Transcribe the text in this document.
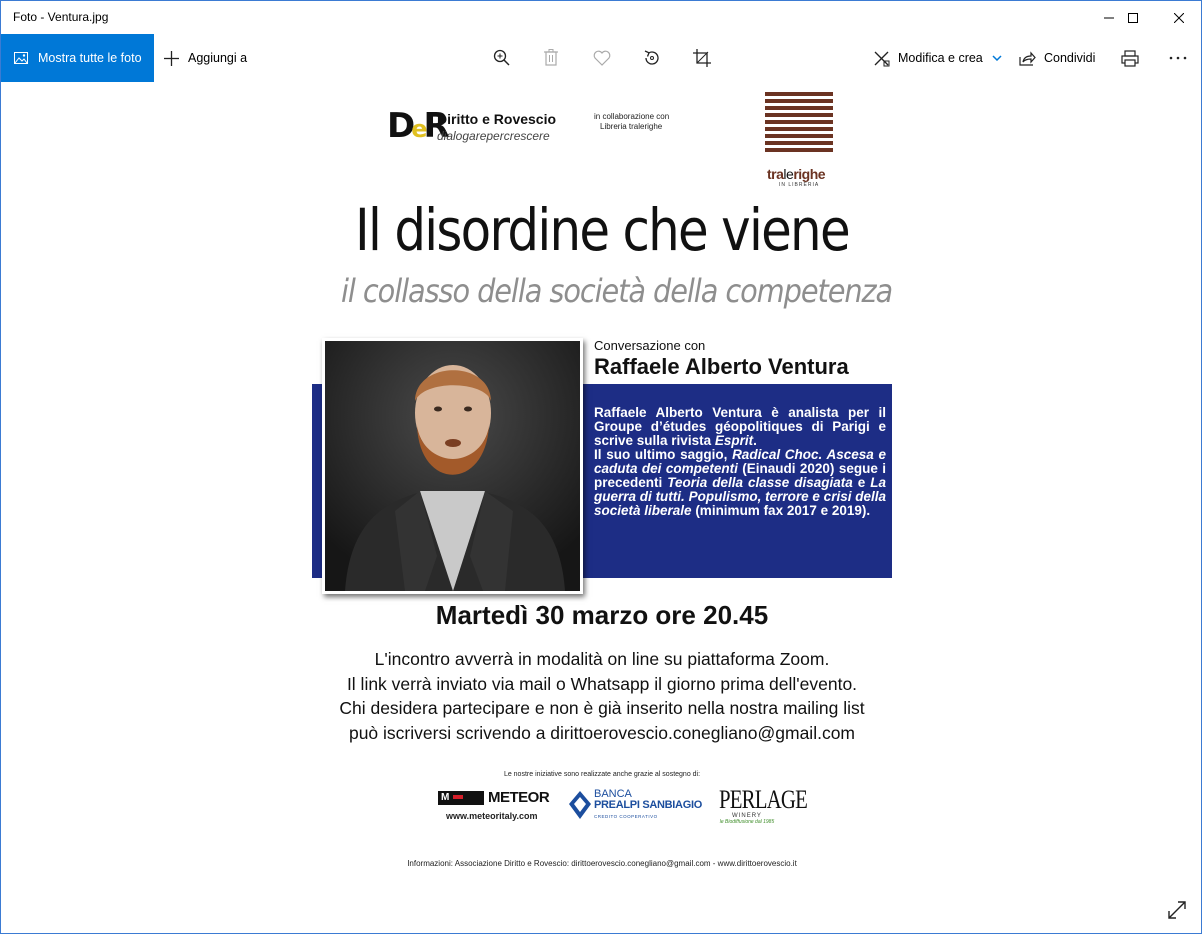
Foto - Ventura.jpg
Mostra tutte le foto	Aggiungi a	Modifica e crea	Condividi
DeR
Diritto e Rovescio
dialogarepercrescere
in collaborazione con
Libreria tralerighe
tralerighe
IN LIBRERIA
Il disordine che viene
il collasso della società della competenza
Conversazione con
Raffaele Alberto Ventura
Raffaele Alberto Ventura è analista per il Groupe d’études géopolitiques di Parigi e scrive sulla rivista Esprit.
Il suo ultimo saggio, Radical Choc. Ascesa e caduta dei competenti (Einaudi 2020) segue i precedenti Teoria della classe disagiata e La guerra di tutti. Populismo, terrore e crisi della società liberale (minimum fax 2017 e 2019).
Martedì 30 marzo ore 20.45
L'incontro avverrà in modalità on line su piattaforma Zoom.
Il link verrà inviato via mail o Whatsapp il giorno prima dell'evento.
Chi desidera partecipare e non è già inserito nella nostra mailing list
può iscriversi scrivendo a dirittoerovescio.conegliano@gmail.com
Le nostre iniziative sono realizzate anche grazie al sostegno di:
M	METEOR
www.meteoritaly.com
BANCA
PREALPI SANBIAGIO
CREDITO COOPERATIVO
PERLAGE
WINERY
le Biodiffusione dal 1985
Informazioni: Associazione Diritto e Rovescio: dirittoerovescio.conegliano@gmail.com - www.dirittoerovescio.it
